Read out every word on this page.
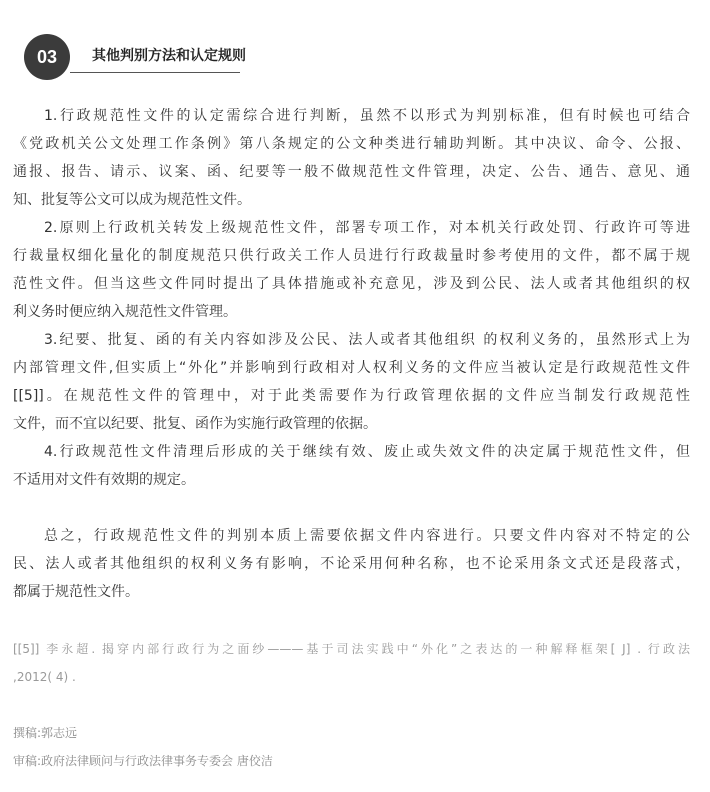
03	其他判别方法和认定规则
1.行政规范性文件的认定需综合进行判断，虽然不以形式为判别标准，但有时候也可结合
《党政机关公文处理工作条例》第八条规定的公文种类进行辅助判断。其中决议、命令、公报、
通报、报告、请示、议案、函、纪要等一般不做规范性文件管理，决定、公告、通告、意见、通
知、批复等公文可以成为规范性文件。
2.原则上行政机关转发上级规范性文件，部署专项工作，对本机关行政处罚、行政许可等进
行裁量权细化量化的制度规范只供行政关工作人员进行行政裁量时参考使用的文件，都不属于规
范性文件。但当这些文件同时提出了具体措施或补充意见，涉及到公民、法人或者其他组织的权
利义务时便应纳入规范性文件管理。
3.纪要、批复、函的有关内容如涉及公民、法人或者其他组织 的权利义务的，虽然形式上为
内部管理文件,但实质上“外化”并影响到行政相对人权利义务的文件应当被认定是行政规范性文件
[[5]]。在规范性文件的管理中，对于此类需要作为行政管理依据的文件应当制发行政规范性
文件，而不宜以纪要、批复、函作为实施行政管理的依据。
4.行政规范性文件清理后形成的关于继续有效、废止或失效文件的决定属于规范性文件，但
不适用对文件有效期的规定。
总之，行政规范性文件的判别本质上需要依据文件内容进行。只要文件内容对不特定的公
民、法人或者其他组织的权利义务有影响，不论采用何种名称，也不论采用条文式还是段落式，
都属于规范性文件。
[[5]] 李永超. 揭穿内部行政行为之面纱———基于司法实践中“外化”之表达的一种解释框架[ J] . 行政法
,2012( 4) .
撰稿:郭志远
审稿:政府法律顾问与行政法律事务专委会 唐佼洁
